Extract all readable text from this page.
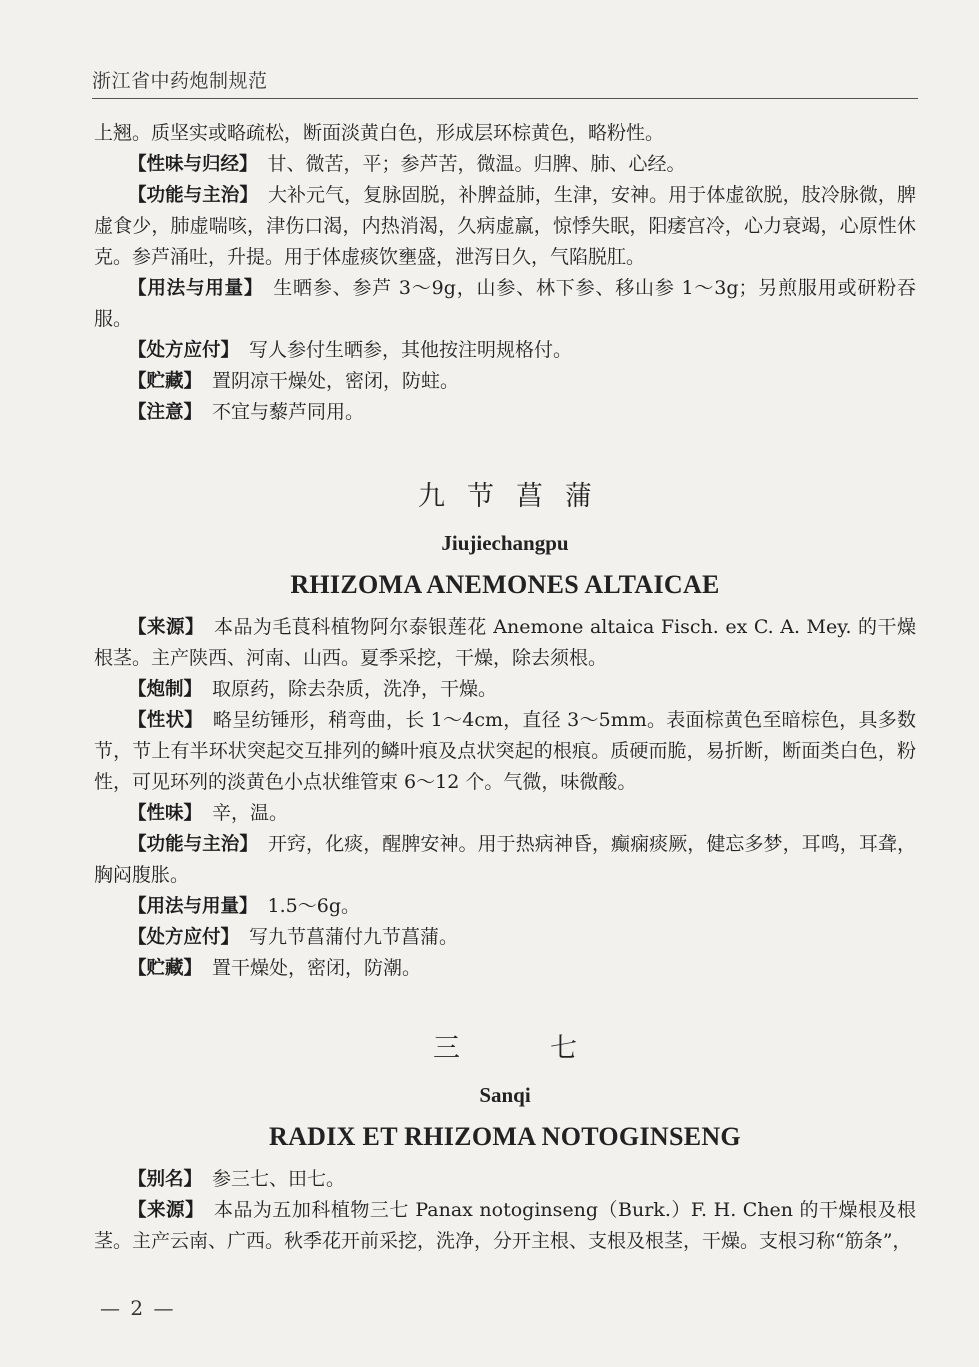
浙江省中药炮制规范

上翘。质坚实或略疏松，断面淡黄白色，形成层环棕黄色，略粉性。

【性味与归经】 甘、微苦，平；参芦苦，微温。归脾、肺、心经。

【功能与主治】 大补元气，复脉固脱，补脾益肺，生津，安神。用于体虚欲脱，肢冷脉微，脾虚食少，肺虚喘咳，津伤口渴，内热消渴，久病虚羸，惊悸失眠，阳痿宫冷，心力衰竭，心原性休克。参芦涌吐，升提。用于体虚痰饮壅盛，泄泻日久，气陷脱肛。

【用法与用量】 生晒参、参芦 3～9g，山参、林下参、移山参 1～3g；另煎服用或研粉吞服。

【处方应付】 写人参付生晒参，其他按注明规格付。

【贮藏】 置阴凉干燥处，密闭，防蛀。

【注意】 不宜与藜芦同用。

九节菖蒲

Jiujiechangpu

RHIZOMA ANEMONES ALTAICAE

【来源】 本品为毛茛科植物阿尔泰银莲花 Anemone altaica Fisch. ex C. A. Mey. 的干燥根茎。主产陕西、河南、山西。夏季采挖，干燥，除去须根。

【炮制】 取原药，除去杂质，洗净，干燥。

【性状】 略呈纺锤形，稍弯曲，长 1～4cm，直径 3～5mm。表面棕黄色至暗棕色，具多数节，节上有半环状突起交互排列的鳞叶痕及点状突起的根痕。质硬而脆，易折断，断面类白色，粉性，可见环列的淡黄色小点状维管束 6～12 个。气微，味微酸。

【性味】 辛，温。

【功能与主治】 开窍，化痰，醒脾安神。用于热病神昏，癫痫痰厥，健忘多梦，耳鸣，耳聋，胸闷腹胀。

【用法与用量】 1.5～6g。

【处方应付】 写九节菖蒲付九节菖蒲。

【贮藏】 置干燥处，密闭，防潮。

三七

Sanqi

RADIX ET RHIZOMA NOTOGINSENG

【别名】 参三七、田七。

【来源】 本品为五加科植物三七 Panax notoginseng（Burk.）F. H. Chen 的干燥根及根茎。主产云南、广西。秋季花开前采挖，洗净，分开主根、支根及根茎，干燥。支根习称“筋条”，

— 2 —
